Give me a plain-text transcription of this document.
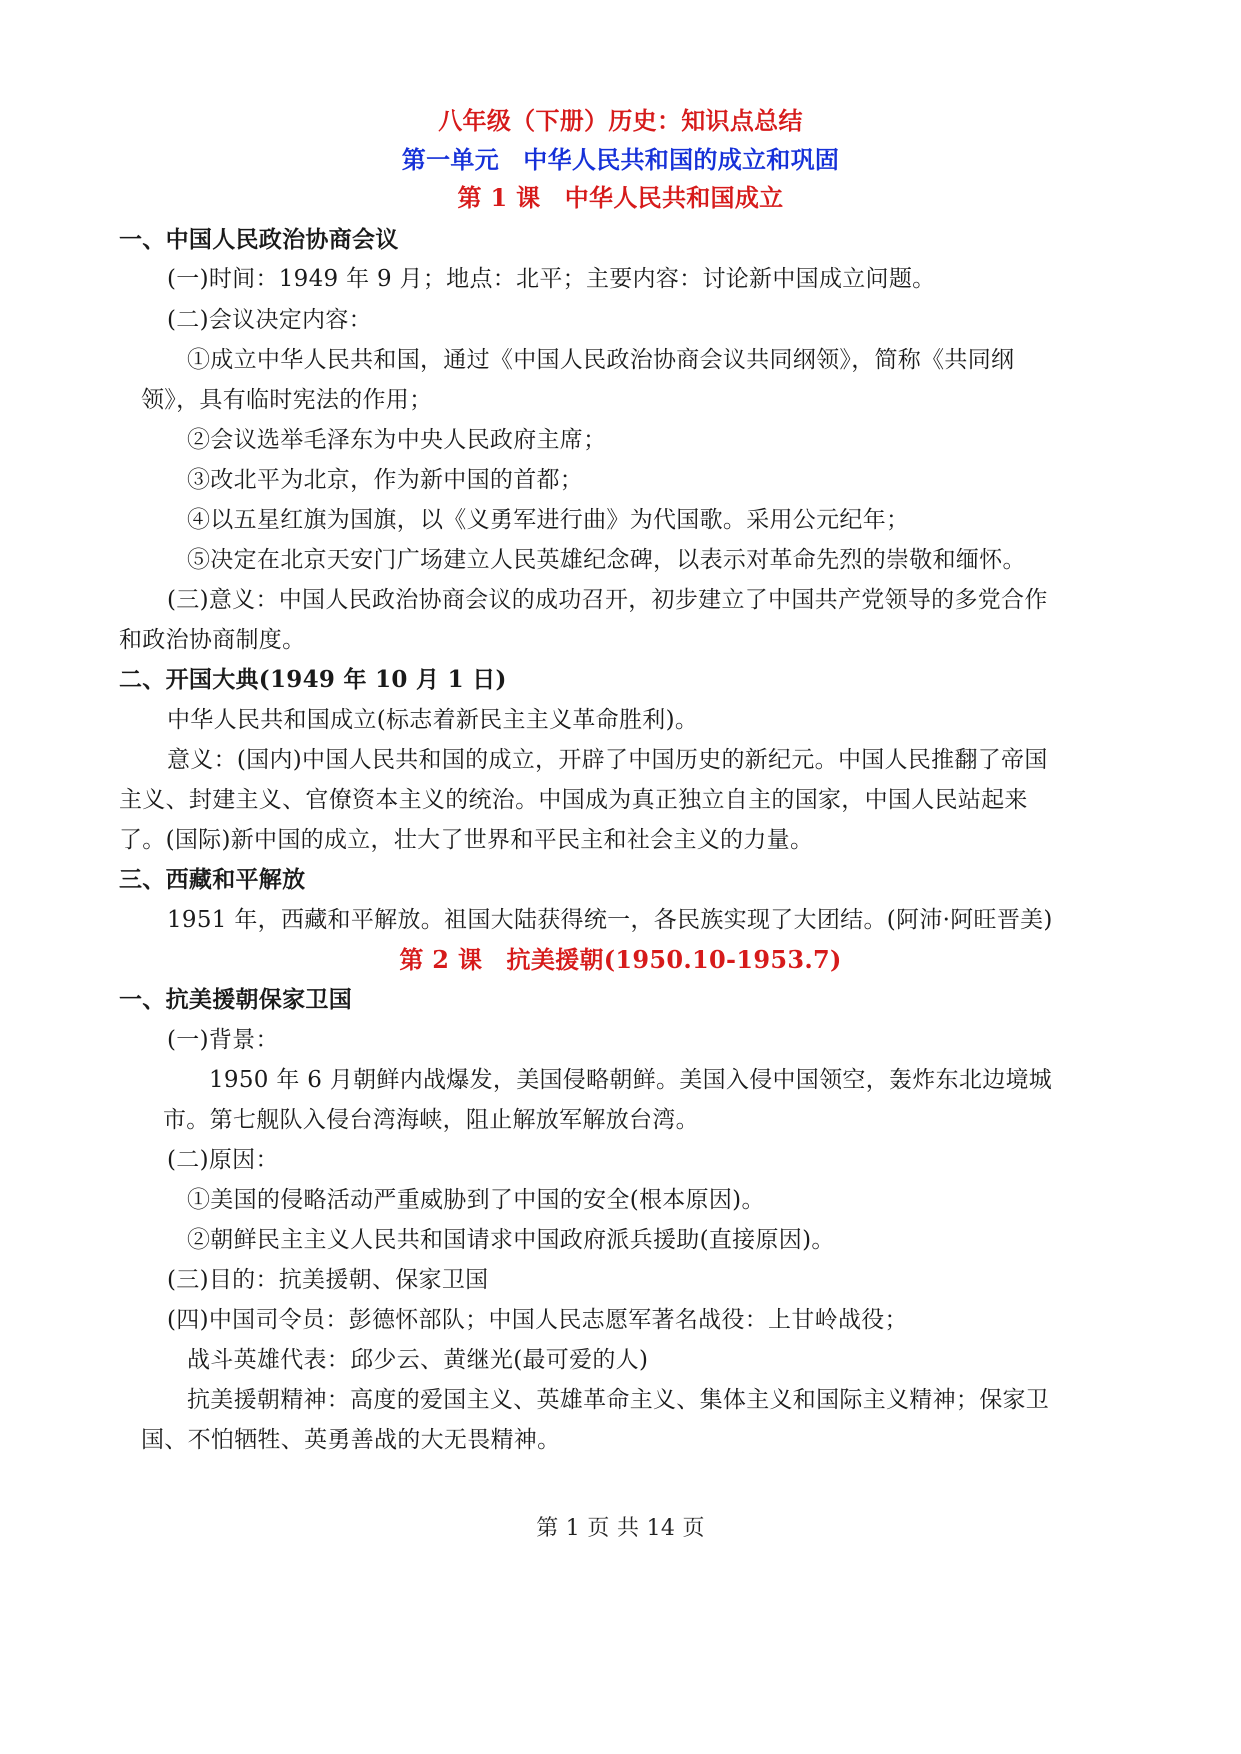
八年级（下册）历史：知识点总结
第一单元　中华人民共和国的成立和巩固
第 1 课　中华人民共和国成立
一、中国人民政治协商会议
(一)时间：1949 年 9 月；地点：北平；主要内容：讨论新中国成立问题。
(二)会议决定内容：
①成立中华人民共和国，通过《中国人民政治协商会议共同纲领》，简称《共同纲
领》，具有临时宪法的作用；
②会议选举毛泽东为中央人民政府主席；
③改北平为北京，作为新中国的首都；
④以五星红旗为国旗，以《义勇军进行曲》为代国歌。采用公元纪年；
⑤决定在北京天安门广场建立人民英雄纪念碑，以表示对革命先烈的崇敬和缅怀。
(三)意义：中国人民政治协商会议的成功召开，初步建立了中国共产党领导的多党合作
和政治协商制度。
二、开国大典(1949 年 10 月 1 日)
中华人民共和国成立(标志着新民主主义革命胜利)。
意义：(国内)中国人民共和国的成立，开辟了中国历史的新纪元。中国人民推翻了帝国
主义、封建主义、官僚资本主义的统治。中国成为真正独立自主的国家，中国人民站起来
了。(国际)新中国的成立，壮大了世界和平民主和社会主义的力量。
三、西藏和平解放
1951 年，西藏和平解放。祖国大陆获得统一，各民族实现了大团结。(阿沛·阿旺晋美)
第 2 课　抗美援朝(1950.10-1953.7)
一、抗美援朝保家卫国
(一)背景：
1950 年 6 月朝鲜内战爆发，美国侵略朝鲜。美国入侵中国领空，轰炸东北边境城
市。第七舰队入侵台湾海峡，阻止解放军解放台湾。
(二)原因：
①美国的侵略活动严重威胁到了中国的安全(根本原因)。
②朝鲜民主主义人民共和国请求中国政府派兵援助(直接原因)。
(三)目的：抗美援朝、保家卫国
(四)中国司令员：彭德怀部队；中国人民志愿军著名战役：上甘岭战役；
战斗英雄代表：邱少云、黄继光(最可爱的人)
抗美援朝精神：高度的爱国主义、英雄革命主义、集体主义和国际主义精神；保家卫
国、不怕牺牲、英勇善战的大无畏精神。
第 1 页 共 14 页
